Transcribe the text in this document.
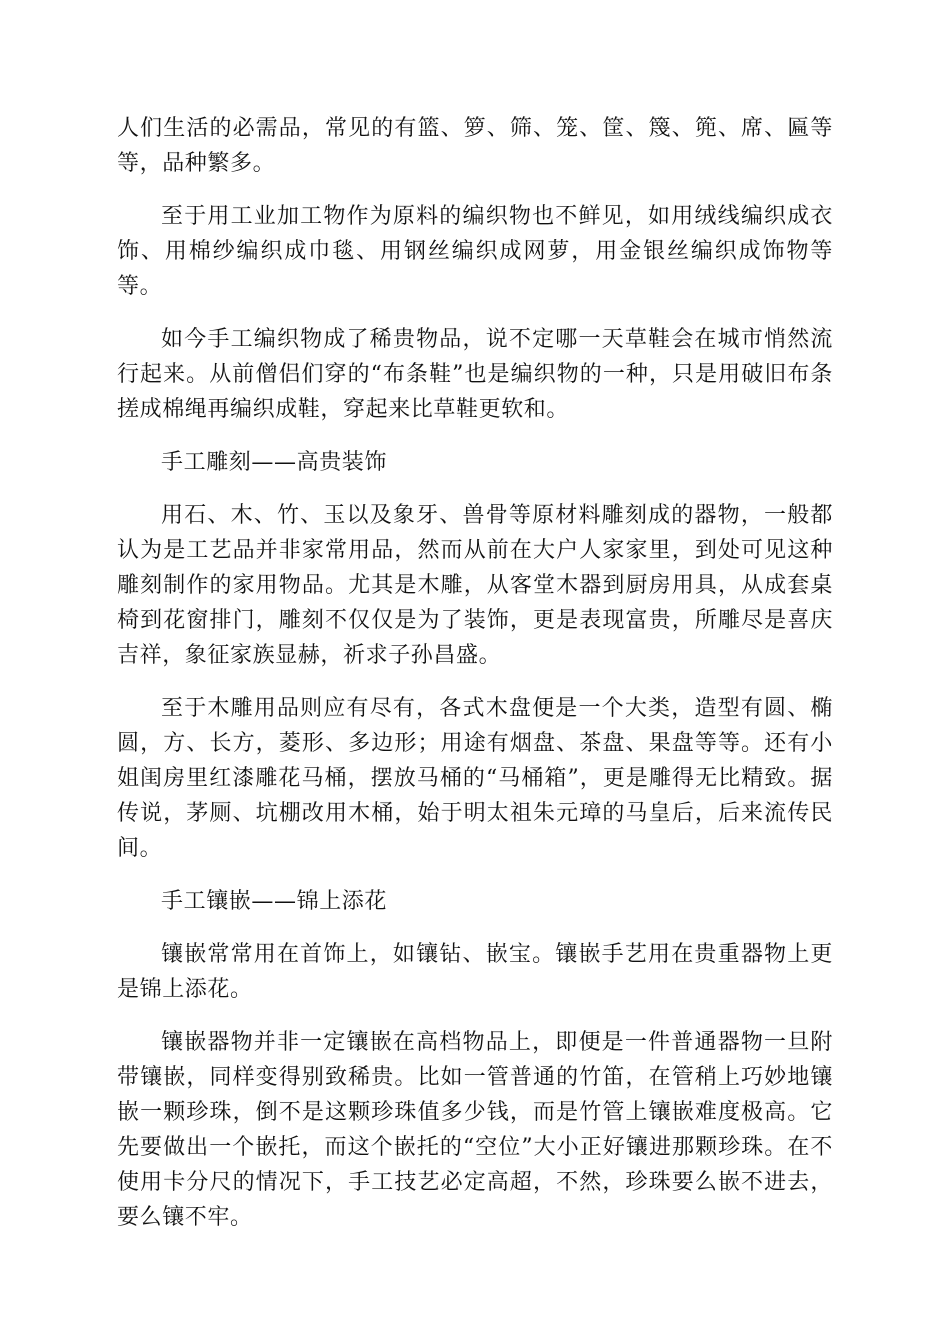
人们生活的必需品，常见的有篮、箩、筛、笼、筐、篾、篼、席、匾等等，品种繁多。

至于用工业加工物作为原料的编织物也不鲜见，如用绒线编织成衣饰、用棉纱编织成巾毯、用钢丝编织成网萝，用金银丝编织成饰物等等。

如今手工编织物成了稀贵物品，说不定哪一天草鞋会在城市悄然流行起来。从前僧侣们穿的“布条鞋”也是编织物的一种，只是用破旧布条搓成棉绳再编织成鞋，穿起来比草鞋更软和。

手工雕刻——高贵装饰

用石、木、竹、玉以及象牙、兽骨等原材料雕刻成的器物，一般都认为是工艺品并非家常用品，然而从前在大户人家家里，到处可见这种雕刻制作的家用物品。尤其是木雕，从客堂木器到厨房用具，从成套桌椅到花窗排门，雕刻不仅仅是为了装饰，更是表现富贵，所雕尽是喜庆吉祥，象征家族显赫，祈求子孙昌盛。

至于木雕用品则应有尽有，各式木盘便是一个大类，造型有圆、椭圆，方、长方，菱形、多边形；用途有烟盘、茶盘、果盘等等。还有小姐闺房里红漆雕花马桶，摆放马桶的“马桶箱”，更是雕得无比精致。据传说，茅厕、坑棚改用木桶，始于明太祖朱元璋的马皇后，后来流传民间。

手工镶嵌——锦上添花

镶嵌常常用在首饰上，如镶钻、嵌宝。镶嵌手艺用在贵重器物上更是锦上添花。

镶嵌器物并非一定镶嵌在高档物品上，即便是一件普通器物一旦附带镶嵌，同样变得别致稀贵。比如一管普通的竹笛，在管稍上巧妙地镶嵌一颗珍珠，倒不是这颗珍珠值多少钱，而是竹管上镶嵌难度极高。它先要做出一个嵌托，而这个嵌托的“空位”大小正好镶进那颗珍珠。在不使用卡分尺的情况下，手工技艺必定高超，不然，珍珠要么嵌不进去，要么镶不牢。
